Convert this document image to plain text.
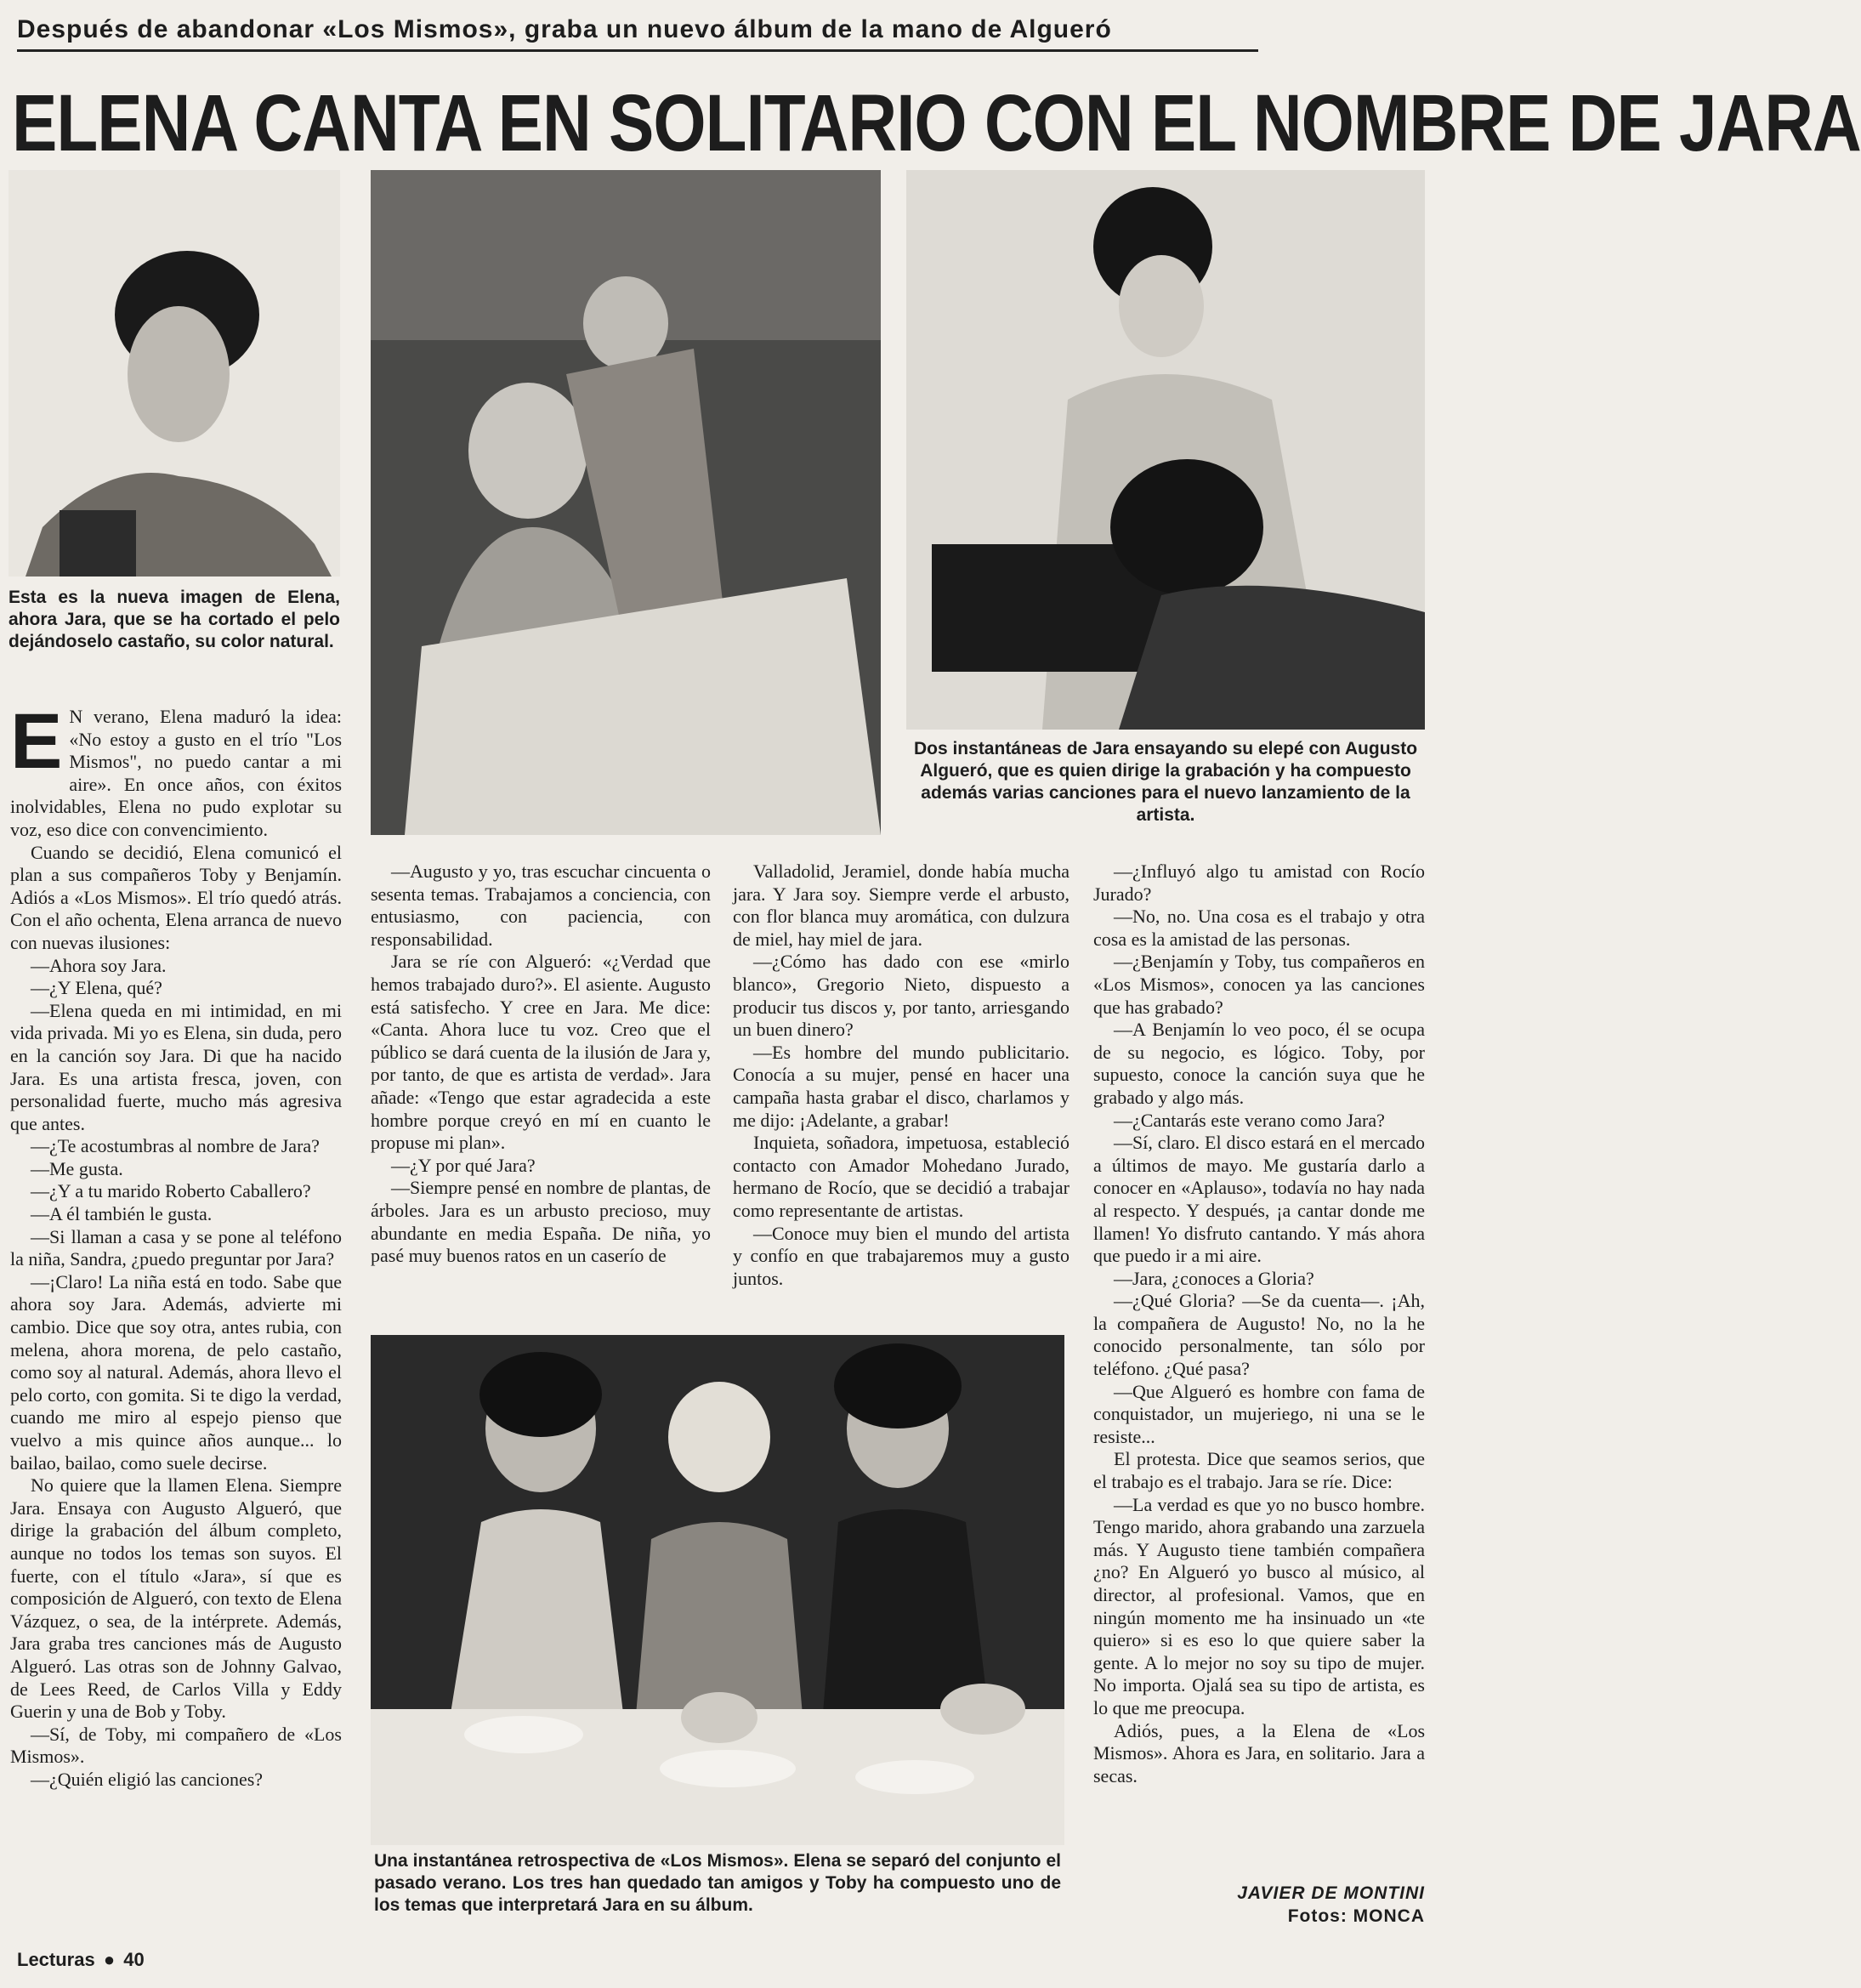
Después de abandonar «Los Mismos», graba un nuevo álbum de la mano de Algueró
ELENA CANTA EN SOLITARIO CON EL NOMBRE DE JARA
Esta es la nueva imagen de Elena, ahora Jara, que se ha cortado el pelo dejándoselo castaño, su color natural.
Dos instantáneas de Jara ensayando su elepé con Augusto Algueró, que es quien dirige la grabación y ha compuesto además varias canciones para el nuevo lanzamiento de la artista.

E N verano, Elena maduró la idea: «No estoy a gusto en el trío "Los Mismos", no puedo cantar a mi aire». En once años, con éxitos inolvidables, Elena no pudo explotar su voz, eso dice con convencimiento.

Cuando se decidió, Elena comunicó el plan a sus compañeros Toby y Benjamín. Adiós a «Los Mismos». El trío quedó atrás. Con el año ochenta, Elena arranca de nuevo con nuevas ilusiones:

—Ahora soy Jara.

—¿Y Elena, qué?

—Elena queda en mi intimidad, en mi vida privada. Mi yo es Elena, sin duda, pero en la canción soy Jara. Di que ha nacido Jara. Es una artista fresca, joven, con personalidad fuerte, mucho más agresiva que antes.

—¿Te acostumbras al nombre de Jara?

—Me gusta.

—¿Y a tu marido Roberto Caballero?

—A él también le gusta.

—Si llaman a casa y se pone al teléfono la niña, Sandra, ¿puedo preguntar por Jara?

—¡Claro! La niña está en todo. Sabe que ahora soy Jara. Además, advierte mi cambio. Dice que soy otra, antes rubia, con melena, ahora morena, de pelo castaño, como soy al natural. Además, ahora llevo el pelo corto, con gomita. Si te digo la verdad, cuando me miro al espejo pienso que vuelvo a mis quince años aunque... lo bailao, bailao, como suele decirse.

No quiere que la llamen Elena. Siempre Jara. Ensaya con Augusto Algueró, que dirige la grabación del álbum completo, aunque no todos los temas son suyos. El fuerte, con el título «Jara», sí que es composición de Algueró, con texto de Elena Vázquez, o sea, de la intérprete. Además, Jara graba tres canciones más de Augusto Algueró. Las otras son de Johnny Galvao, de Lees Reed, de Carlos Villa y Eddy Guerin y una de Bob y Toby.

—Sí, de Toby, mi compañero de «Los Mismos».

—¿Quién eligió las canciones?

—Augusto y yo, tras escuchar cincuenta o sesenta temas. Trabajamos a conciencia, con entusiasmo, con paciencia, con responsabilidad.

Jara se ríe con Algueró: «¿Verdad que hemos trabajado duro?». El asiente. Augusto está satisfecho. Y cree en Jara. Me dice: «Canta. Ahora luce tu voz. Creo que el público se dará cuenta de la ilusión de Jara y, por tanto, de que es artista de verdad». Jara añade: «Tengo que estar agradecida a este hombre porque creyó en mí en cuanto le propuse mi plan».

—¿Y por qué Jara?

—Siempre pensé en nombre de plantas, de árboles. Jara es un arbusto precioso, muy abundante en media España. De niña, yo pasé muy buenos ratos en un caserío de

Valladolid, Jeramiel, donde había mucha jara. Y Jara soy. Siempre verde el arbusto, con flor blanca muy aromática, con dulzura de miel, hay miel de jara.

—¿Cómo has dado con ese «mirlo blanco», Gregorio Nieto, dispuesto a producir tus discos y, por tanto, arriesgando un buen dinero?

—Es hombre del mundo publicitario. Conocía a su mujer, pensé en hacer una campaña hasta grabar el disco, charlamos y me dijo: ¡Adelante, a grabar!

Inquieta, soñadora, impetuosa, estableció contacto con Amador Mohedano Jurado, hermano de Rocío, que se decidió a trabajar como representante de artistas.

—Conoce muy bien el mundo del artista y confío en que trabajaremos muy a gusto juntos.

—¿Influyó algo tu amistad con Rocío Jurado?

—No, no. Una cosa es el trabajo y otra cosa es la amistad de las personas.

—¿Benjamín y Toby, tus compañeros en «Los Mismos», conocen ya las canciones que has grabado?

—A Benjamín lo veo poco, él se ocupa de su negocio, es lógico. Toby, por supuesto, conoce la canción suya que he grabado y algo más.

—¿Cantarás este verano como Jara?

—Sí, claro. El disco estará en el mercado a últimos de mayo. Me gustaría darlo a conocer en «Aplauso», todavía no hay nada al respecto. Y después, ¡a cantar donde me llamen! Yo disfruto cantando. Y más ahora que puedo ir a mi aire.

—Jara, ¿conoces a Gloria?

—¿Qué Gloria? —Se da cuenta—. ¡Ah, la compañera de Augusto! No, no la he conocido personalmente, tan sólo por teléfono. ¿Qué pasa?

—Que Algueró es hombre con fama de conquistador, un mujeriego, ni una se le resiste...

El protesta. Dice que seamos serios, que el trabajo es el trabajo. Jara se ríe. Dice:

—La verdad es que yo no busco hombre. Tengo marido, ahora grabando una zarzuela más. Y Augusto tiene también compañera ¿no? En Algueró yo busco al músico, al director, al profesional. Vamos, que en ningún momento me ha insinuado un «te quiero» si es eso lo que quiere saber la gente. A lo mejor no soy su tipo de mujer. No importa. Ojalá sea su tipo de artista, es lo que me preocupa.

Adiós, pues, a la Elena de «Los Mismos». Ahora es Jara, en solitario. Jara a secas.

Una instantánea retrospectiva de «Los Mismos». Elena se separó del conjunto el pasado verano. Los tres han quedado tan amigos y Toby ha compuesto uno de los temas que interpretará Jara en su álbum.
JAVIER DE MONTINI
Fotos: MONCA
Lecturas ● 40
